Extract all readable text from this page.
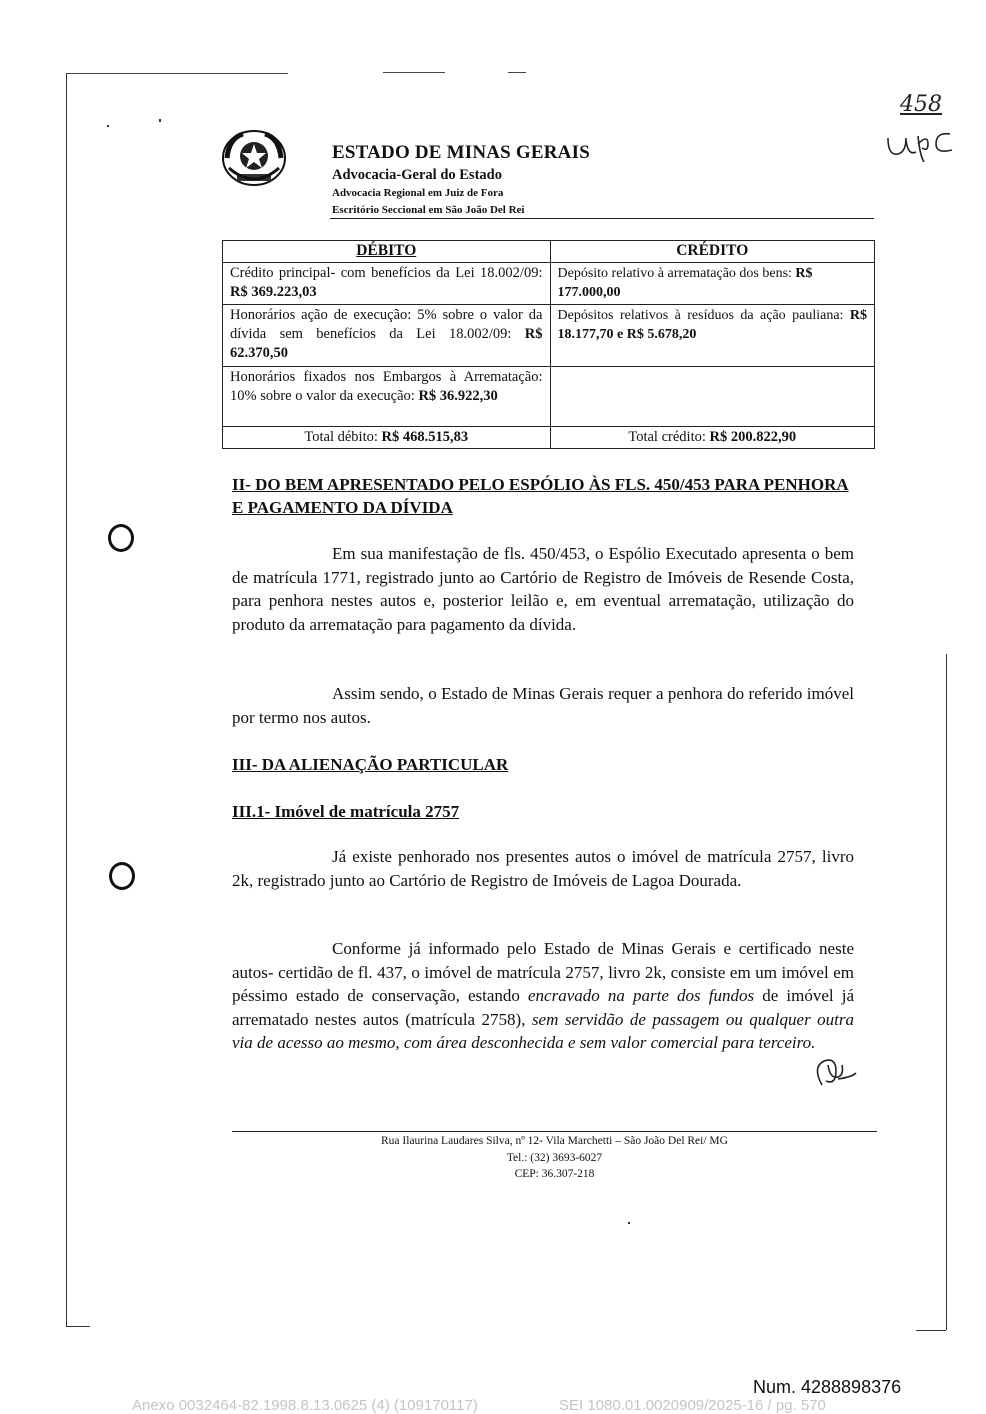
ESTADO DE MINAS GERAIS
Advocacia-Geral do Estado
Advocacia Regional em Juiz de Fora
Escritório Seccional em São João Del Rei
458
DÉBITO	CRÉDITO
Crédito principal- com benefícios da Lei 18.002/09: R$ 369.223,03	Depósito relativo à arrematação dos bens: R$ 177.000,00
Honorários ação de execução: 5% sobre o valor da dívida sem benefícios da Lei 18.002/09: R$ 62.370,50	Depósitos relativos à resíduos da ação pauliana: R$ 18.177,70 e R$ 5.678,20
Honorários fixados nos Embargos à Arrematação: 10% sobre o valor da execução: R$ 36.922,30	
Total débito: R$ 468.515,83	Total crédito: R$ 200.822,90
II- DO BEM APRESENTADO PELO ESPÓLIO ÀS FLS. 450/453 PARA PENHORA E PAGAMENTO DA DÍVIDA
Em sua manifestação de fls. 450/453, o Espólio Executado apresenta o bem de matrícula 1771, registrado junto ao Cartório de Registro de Imóveis de Resende Costa, para penhora nestes autos e, posterior leilão e, em eventual arrematação, utilização do produto da arrematação para pagamento da dívida.
Assim sendo, o Estado de Minas Gerais requer a penhora do referido imóvel por termo nos autos.
III- DA ALIENAÇÃO PARTICULAR
III.1- Imóvel de matrícula 2757
Já existe penhorado nos presentes autos o imóvel de matrícula 2757, livro 2k, registrado junto ao Cartório de Registro de Imóveis de Lagoa Dourada.
Conforme já informado pelo Estado de Minas Gerais e certificado neste autos- certidão de fl. 437, o imóvel de matrícula 2757, livro 2k, consiste em um imóvel em péssimo estado de conservação, estando encravado na parte dos fundos de imóvel já arrematado nestes autos (matrícula 2758), sem servidão de passagem ou qualquer outra via de acesso ao mesmo, com área desconhecida e sem valor comercial para terceiro.
Rua Ilaurina Laudares Silva, nº 12- Vila Marchetti – São João Del Rei/ MG
Tel.: (32) 3693-6027
CEP: 36.307-218
Num. 4288898376
Anexo 0032464-82.1998.8.13.0625 (4) (109170117)	SEI 1080.01.0020909/2025-16 / pg. 570
